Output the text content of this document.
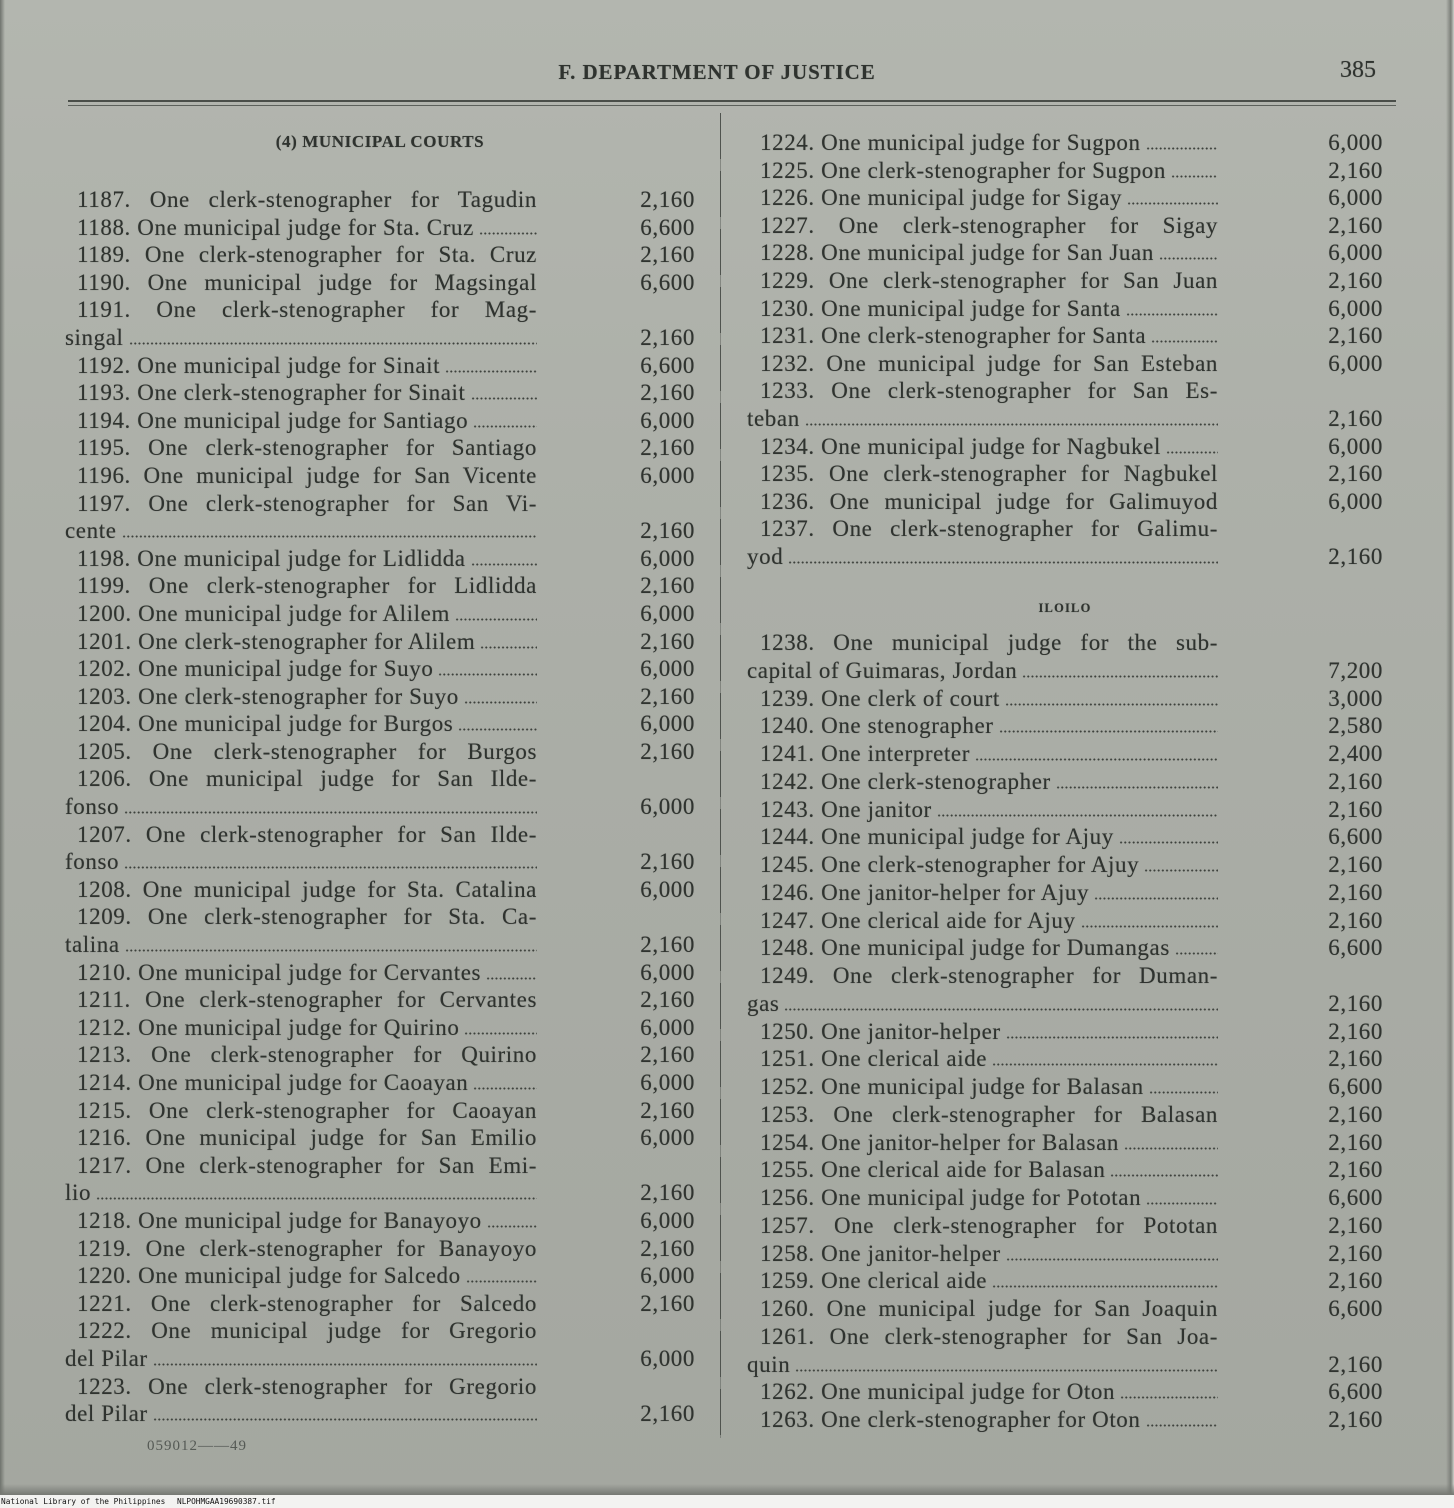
F. DEPARTMENT OF JUSTICE	385
(4) MUNICIPAL COURTS
1187. One clerk-stenographer for Tagudin	2,160
1188. One municipal judge for Sta. Cruz	6,600
1189. One clerk-stenographer for Sta. Cruz	2,160
1190. One municipal judge for Magsingal	6,600
1191. One clerk-stenographer for Mag-
singal	2,160
1192. One municipal judge for Sinait	6,600
1193. One clerk-stenographer for Sinait	2,160
1194. One municipal judge for Santiago	6,000
1195. One clerk-stenographer for Santiago	2,160
1196. One municipal judge for San Vicente	6,000
1197. One clerk-stenographer for San Vi-
cente	2,160
1198. One municipal judge for Lidlidda	6,000
1199. One clerk-stenographer for Lidlidda	2,160
1200. One municipal judge for Alilem	6,000
1201. One clerk-stenographer for Alilem	2,160
1202. One municipal judge for Suyo	6,000
1203. One clerk-stenographer for Suyo	2,160
1204. One municipal judge for Burgos	6,000
1205. One clerk-stenographer for Burgos	2,160
1206. One municipal judge for San Ilde-
fonso	6,000
1207. One clerk-stenographer for San Ilde-
fonso	2,160
1208. One municipal judge for Sta. Catalina	6,000
1209. One clerk-stenographer for Sta. Ca-
talina	2,160
1210. One municipal judge for Cervantes	6,000
1211. One clerk-stenographer for Cervantes	2,160
1212. One municipal judge for Quirino	6,000
1213. One clerk-stenographer for Quirino	2,160
1214. One municipal judge for Caoayan	6,000
1215. One clerk-stenographer for Caoayan	2,160
1216. One municipal judge for San Emilio	6,000
1217. One clerk-stenographer for San Emi-
lio	2,160
1218. One municipal judge for Banayoyo	6,000
1219. One clerk-stenographer for Banayoyo	2,160
1220. One municipal judge for Salcedo	6,000
1221. One clerk-stenographer for Salcedo	2,160
1222. One municipal judge for Gregorio
del Pilar	6,000
1223. One clerk-stenographer for Gregorio
del Pilar	2,160
1224. One municipal judge for Sugpon	6,000
1225. One clerk-stenographer for Sugpon	2,160
1226. One municipal judge for Sigay	6,000
1227. One clerk-stenographer for Sigay	2,160
1228. One municipal judge for San Juan	6,000
1229. One clerk-stenographer for San Juan	2,160
1230. One municipal judge for Santa	6,000
1231. One clerk-stenographer for Santa	2,160
1232. One municipal judge for San Esteban	6,000
1233. One clerk-stenographer for San Es-
teban	2,160
1234. One municipal judge for Nagbukel	6,000
1235. One clerk-stenographer for Nagbukel	2,160
1236. One municipal judge for Galimuyod	6,000
1237. One clerk-stenographer for Galimu-
yod	2,160
ILOILO
1238. One municipal judge for the sub-
capital of Guimaras, Jordan	7,200
1239. One clerk of court	3,000
1240. One stenographer	2,580
1241. One interpreter	2,400
1242. One clerk-stenographer	2,160
1243. One janitor	2,160
1244. One municipal judge for Ajuy	6,600
1245. One clerk-stenographer for Ajuy	2,160
1246. One janitor-helper for Ajuy	2,160
1247. One clerical aide for Ajuy	2,160
1248. One municipal judge for Dumangas	6,600
1249. One clerk-stenographer for Duman-
gas	2,160
1250. One janitor-helper	2,160
1251. One clerical aide	2,160
1252. One municipal judge for Balasan	6,600
1253. One clerk-stenographer for Balasan	2,160
1254. One janitor-helper for Balasan	2,160
1255. One clerical aide for Balasan	2,160
1256. One municipal judge for Pototan	6,600
1257. One clerk-stenographer for Pototan	2,160
1258. One janitor-helper	2,160
1259. One clerical aide	2,160
1260. One municipal judge for San Joaquin	6,600
1261. One clerk-stenographer for San Joa-
quin	2,160
1262. One municipal judge for Oton	6,600
1263. One clerk-stenographer for Oton	2,160
059012——49
National Library of the Philippines NLPOHMGAA19690387.tif
